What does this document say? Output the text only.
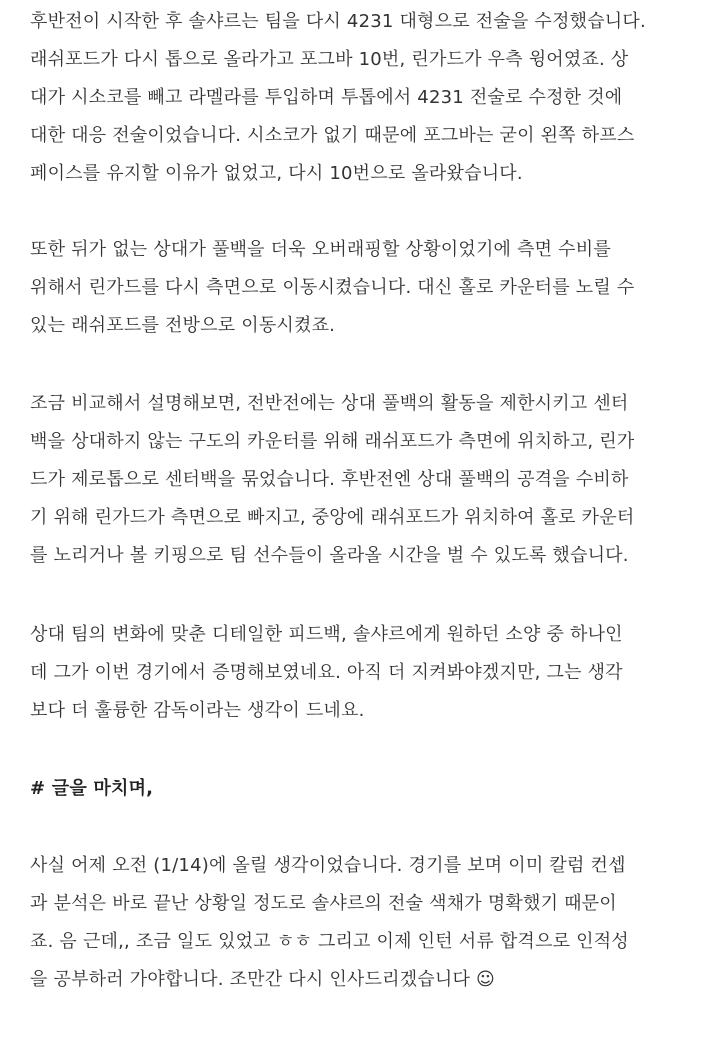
후반전이 시작한 후 솔샤르는 팀을 다시 4231 대형으로 전술을 수정했습니다.
래쉬포드가 다시 톱으로 올라가고 포그바 10번, 린가드가 우측 윙어였죠. 상
대가 시소코를 빼고 라멜라를 투입하며 투톱에서 4231 전술로 수정한 것에
대한 대응 전술이었습니다. 시소코가 없기 때문에 포그바는 굳이 왼쪽 하프스
페이스를 유지할 이유가 없었고, 다시 10번으로 올라왔습니다.
또한 뒤가 없는 상대가 풀백을 더욱 오버래핑할 상황이었기에 측면 수비를
위해서 린가드를 다시 측면으로 이동시켰습니다. 대신 홀로 카운터를 노릴 수
있는 래쉬포드를 전방으로 이동시켰죠.
조금 비교해서 설명해보면, 전반전에는 상대 풀백의 활동을 제한시키고 센터
백을 상대하지 않는 구도의 카운터를 위해 래쉬포드가 측면에 위치하고, 린가
드가 제로톱으로 센터백을 묶었습니다. 후반전엔 상대 풀백의 공격을 수비하
기 위해 린가드가 측면으로 빠지고, 중앙에 래쉬포드가 위치하여 홀로 카운터
를 노리거나 볼 키핑으로 팀 선수들이 올라올 시간을 벌 수 있도록 했습니다.
상대 팀의 변화에 맞춘 디테일한 피드백, 솔샤르에게 원하던 소양 중 하나인
데 그가 이번 경기에서 증명해보였네요. 아직 더 지켜봐야겠지만, 그는 생각
보다 더 훌륭한 감독이라는 생각이 드네요.
# 글을 마치며,
사실 어제 오전 (1/14)에 올릴 생각이었습니다. 경기를 보며 이미 칼럼 컨셉
과 분석은 바로 끝난 상황일 정도로 솔샤르의 전술 색채가 명확했기 때문이
죠. 음 근데,, 조금 일도 있었고 ㅎㅎ 그리고 이제 인턴 서류 합격으로 인적성
을 공부하러 가야합니다. 조만간 다시 인사드리겠습니다 ☺
